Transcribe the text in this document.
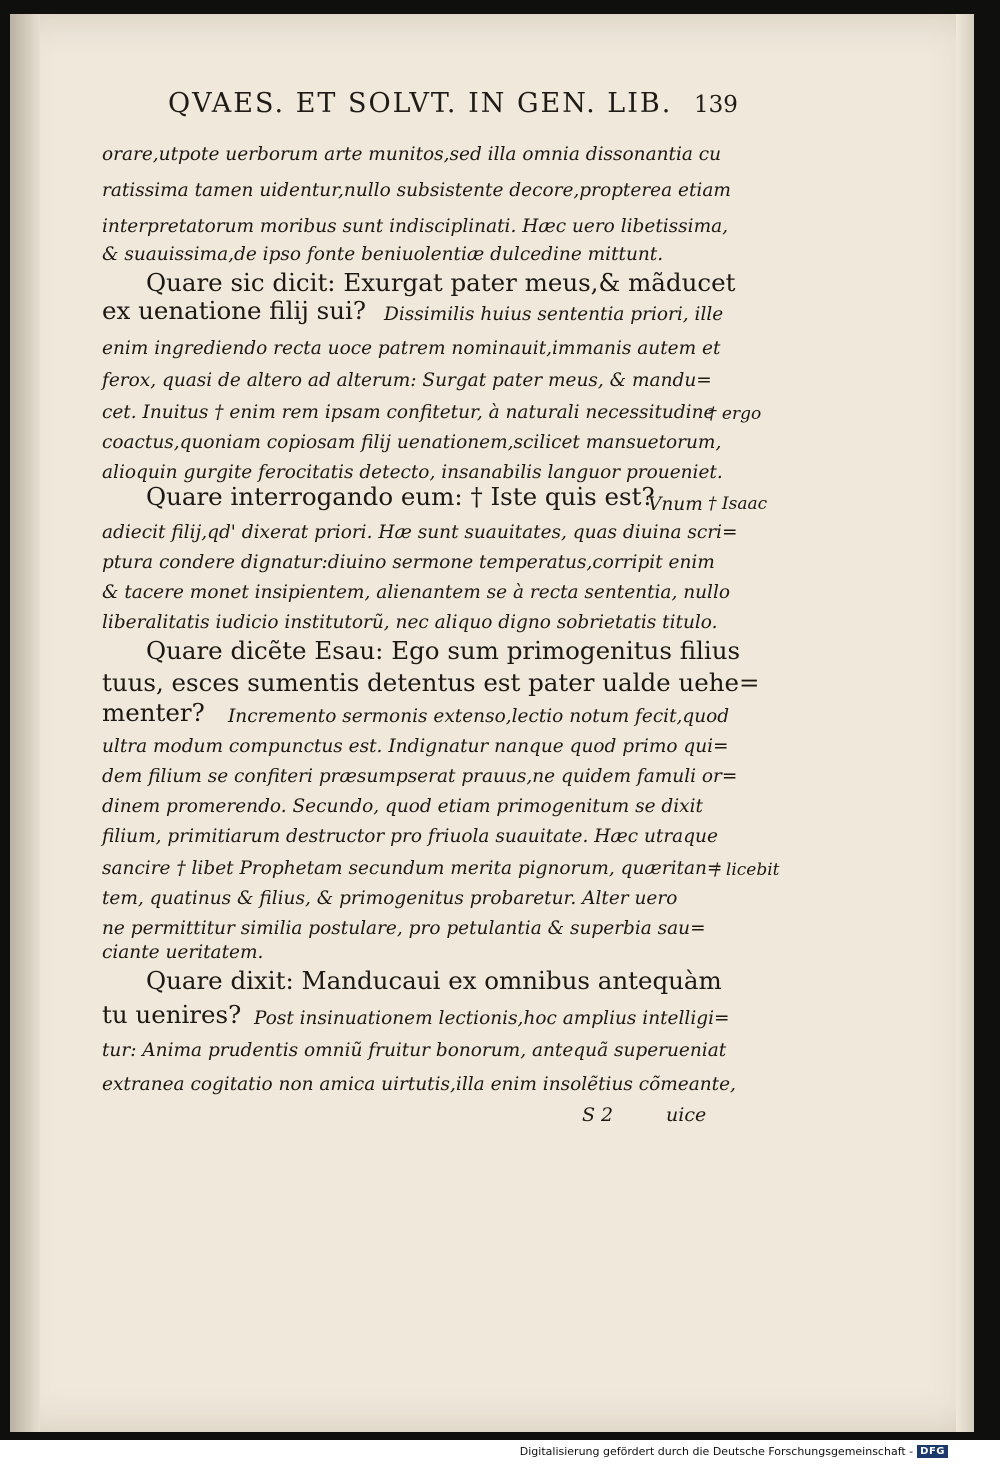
QVAES. ET SOLVT. IN GEN. LIB. 139
orare,utpote uerborum arte munitos,sed illa omnia dissonantia cu
ratissima tamen uidentur,nullo subsistente decore,propterea etiam
interpretatorum moribus sunt indisciplinati. Hæc uero libetissima,
& suauissima,de ipso fonte beniuolentiæ dulcedine mittunt.
Quare sic dicit: Exurgat pater meus,& mãducet
ex uenatione filij sui? Dissimilis huius sententia priori, ille
enim ingrediendo recta uoce patrem nominauit,immanis autem et
ferox, quasi de altero ad alterum: Surgat pater meus, & mandu=
cet. Inuitus † enim rem ipsam confitetur, à naturali necessitudine
coactus,quoniam copiosam filij uenationem,scilicet mansuetorum,
alioquin gurgite ferocitatis detecto, insanabilis languor proueniet.
Quare interrogando eum: † Iste quis est?
Vnum
adiecit filij,qd' dixerat priori. Hæ sunt suauitates, quas diuina scri=
ptura condere dignatur:diuino sermone temperatus,corripit enim
& tacere monet insipientem, alienantem se à recta sententia, nullo
liberalitatis iudicio institutorũ, nec aliquo digno sobrietatis titulo.
Quare dicẽte Esau: Ego sum primogenitus filius
tuus, esces sumentis detentus est pater ualde uehe=
menter? Incremento sermonis extenso,lectio notum fecit,quod
ultra modum compunctus est. Indignatur nanque quod primo qui=
dem filium se confiteri præsumpserat prauus,ne quidem famuli or=
dinem promerendo. Secundo, quod etiam primogenitum se dixit
filium, primitiarum destructor pro friuola suauitate. Hæc utraque
sancire † libet Prophetam secundum merita pignorum, quæritan=
tem, quatinus & filius, & primogenitus probaretur. Alter uero
ne permittitur similia postulare, pro petulantia & superbia sau=
ciante ueritatem.
Quare dixit: Manducaui ex omnibus antequàm
tu uenires? Post insinuationem lectionis,hoc amplius intelligi=
tur: Anima prudentis omniũ fruitur bonorum, antequã superueniat
extranea cogitatio non amica uirtutis,illa enim insolẽtius cõmeante,
† ergo
† Isaac
† licebit
S 2	uice
Digitalisierung gefördert durch die Deutsche Forschungsgemeinschaft - DFG
